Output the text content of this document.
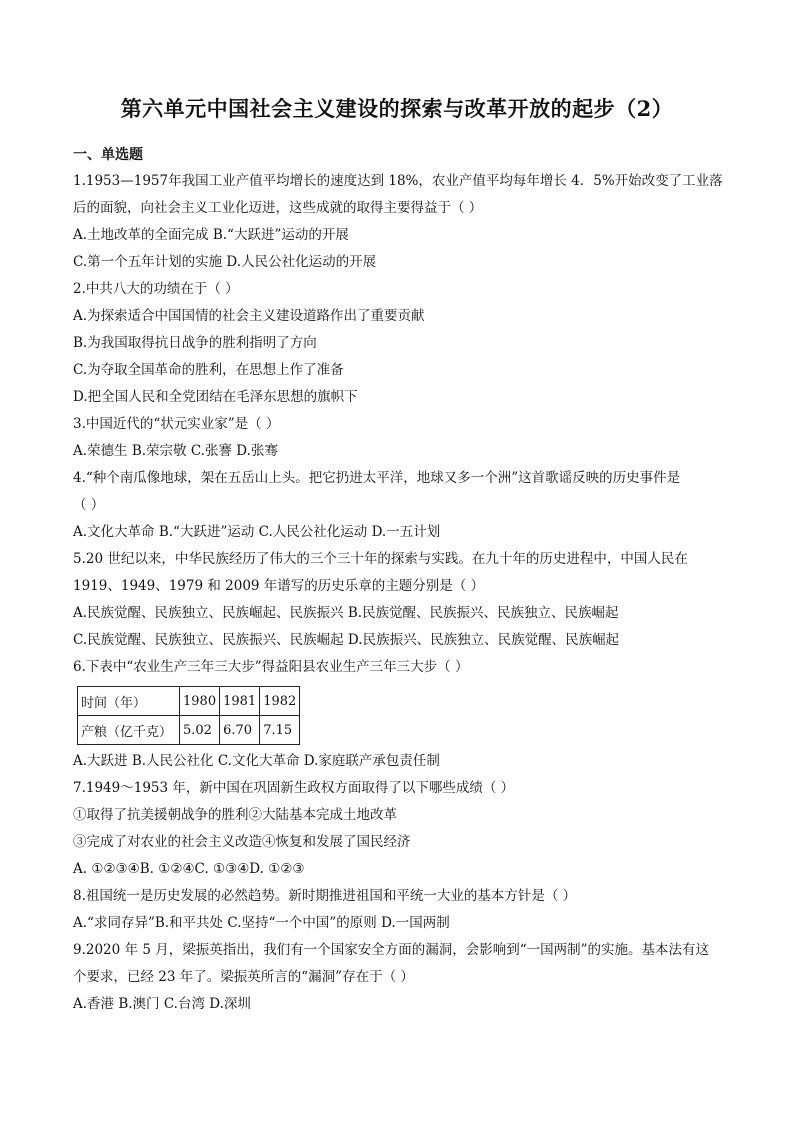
第六单元中国社会主义建设的探索与改革开放的起步（2）
一、单选题
1.1953—1957年我国工业产值平均增长的速度达到 18%，农业产值平均每年增长 4．5%开始改变了工业落
后的面貌，向社会主义工业化迈进，这些成就的取得主要得益于（ ）
A.土地改革的全面完成 B.“大跃进”运动的开展
C.第一个五年计划的实施 D.人民公社化运动的开展
2.中共八大的功绩在于（ ）
A.为探索适合中国国情的社会主义建设道路作出了重要贡献
B.为我国取得抗日战争的胜利指明了方向
C.为夺取全国革命的胜利，在思想上作了准备
D.把全国人民和全党团结在毛泽东思想的旗帜下
3.中国近代的“状元实业家”是（ ）
A.荣德生 B.荣宗敬 C.张謇 D.张骞
4.“种个南瓜像地球，架在五岳山上头。把它扔进太平洋，地球又多一个洲”这首歌谣反映的历史事件是
（ ）
A.文化大革命 B.“大跃进”运动 C.人民公社化运动 D.一五计划
5.20 世纪以来，中华民族经历了伟大的三个三十年的探索与实践。在九十年的历史进程中，中国人民在
1919、1949、1979 和 2009 年谱写的历史乐章的主题分别是（ ）
A.民族觉醒、民族独立、民族崛起、民族振兴 B.民族觉醒、民族振兴、民族独立、民族崛起
C.民族觉醒、民族独立、民族振兴、民族崛起 D.民族振兴、民族独立、民族觉醒、民族崛起
6.下表中“农业生产三年三大步”得益阳县农业生产三年三大步（ ）
时间（年）	1980	1981	1982
产粮（亿千克）	5.02	6.70	7.15
A.大跃进 B.人民公社化 C.文化大革命 D.家庭联产承包责任制
7.1949～1953 年，新中国在巩固新生政权方面取得了以下哪些成绩（ ）
①取得了抗美援朝战争的胜利②大陆基本完成土地改革
③完成了对农业的社会主义改造④恢复和发展了国民经济
A. ①②③④B. ①②④C. ①③④D. ①②③
8.祖国统一是历史发展的必然趋势。新时期推进祖国和平统一大业的基本方针是（ ）
A.“求同存异”B.和平共处 C.坚持“一个中国”的原则 D.一国两制
9.2020 年 5 月，梁振英指出，我们有一个国家安全方面的漏洞，会影响到“一国两制”的实施。基本法有这
个要求，已经 23 年了。梁振英所言的“漏洞”存在于（ ）
A.香港 B.澳门 C.台湾 D.深圳
